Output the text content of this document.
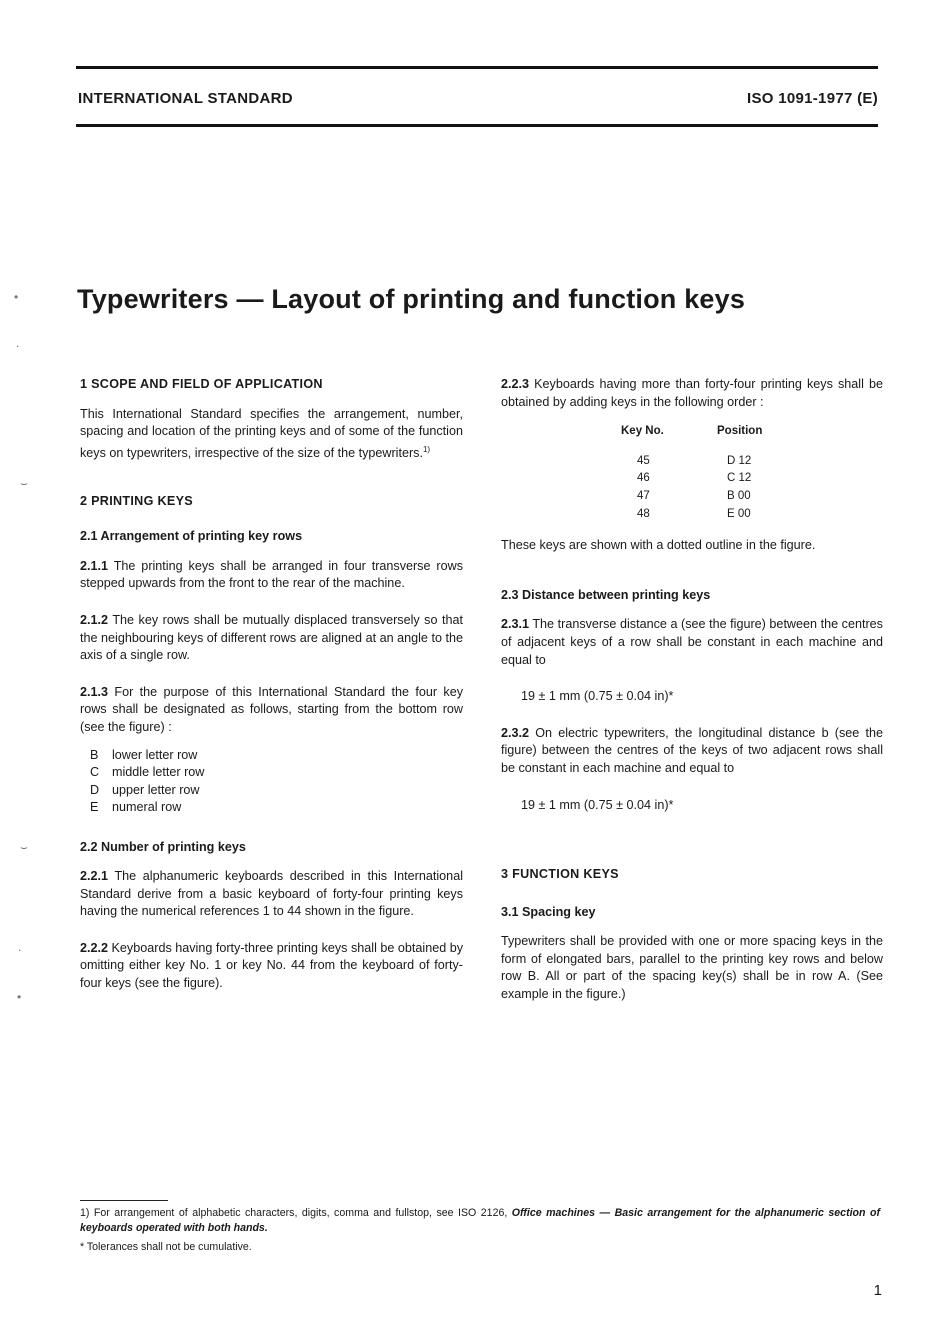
INTERNATIONAL STANDARD	ISO 1091-1977 (E)
Typewriters — Layout of printing and function keys
•
.
⌣
⌣
.
•
1 SCOPE AND FIELD OF APPLICATION

This International Standard specifies the arrangement, number, spacing and location of the printing keys and of some of the function keys on typewriters, irrespective of the size of the typewriters.$^{1)}$

2 PRINTING KEYS
2.1 Arrangement of printing key rows

2.1.1 The printing keys shall be arranged in four transverse rows stepped upwards from the front to the rear of the machine.

2.1.2 The key rows shall be mutually displaced transversely so that the neighbouring keys of different rows are aligned at an angle to the axis of a single row.

2.1.3 For the purpose of this International Standard the four key rows shall be designated as follows, starting from the bottom row (see the figure) :

B	lower letter row
C	middle letter row
D	upper letter row
E	numeral row
2.2 Number of printing keys

2.2.1 The alphanumeric keyboards described in this International Standard derive from a basic keyboard of forty-four printing keys having the numerical references 1 to 44 shown in the figure.

2.2.2 Keyboards having forty-three printing keys shall be obtained by omitting either key No. 1 or key No. 44 from the keyboard of forty-four keys (see the figure).

2.2.3 Keyboards having more than forty-four printing keys shall be obtained by adding keys in the following order :

Key No.	Position
45	D 12
46	C 12
47	B 00
48	E 00

These keys are shown with a dotted outline in the figure.

2.3 Distance between printing keys

2.3.1 The transverse distance a (see the figure) between the centres of adjacent keys of a row shall be constant in each machine and equal to

19 ± 1 mm (0.75 ± 0.04 in)*

2.3.2 On electric typewriters, the longitudinal distance b (see the figure) between the centres of the keys of two adjacent rows shall be constant in each machine and equal to

19 ± 1 mm (0.75 ± 0.04 in)*
3 FUNCTION KEYS
3.1 Spacing key

Typewriters shall be provided with one or more spacing keys in the form of elongated bars, parallel to the printing key rows and below row B. All or part of the spacing key(s) shall be in row A. (See example in the figure.)

1) For arrangement of alphabetic characters, digits, comma and fullstop, see ISO 2126, Office machines — Basic arrangement for the alphanumeric section of keyboards operated with both hands.
* Tolerances shall not be cumulative.
1
